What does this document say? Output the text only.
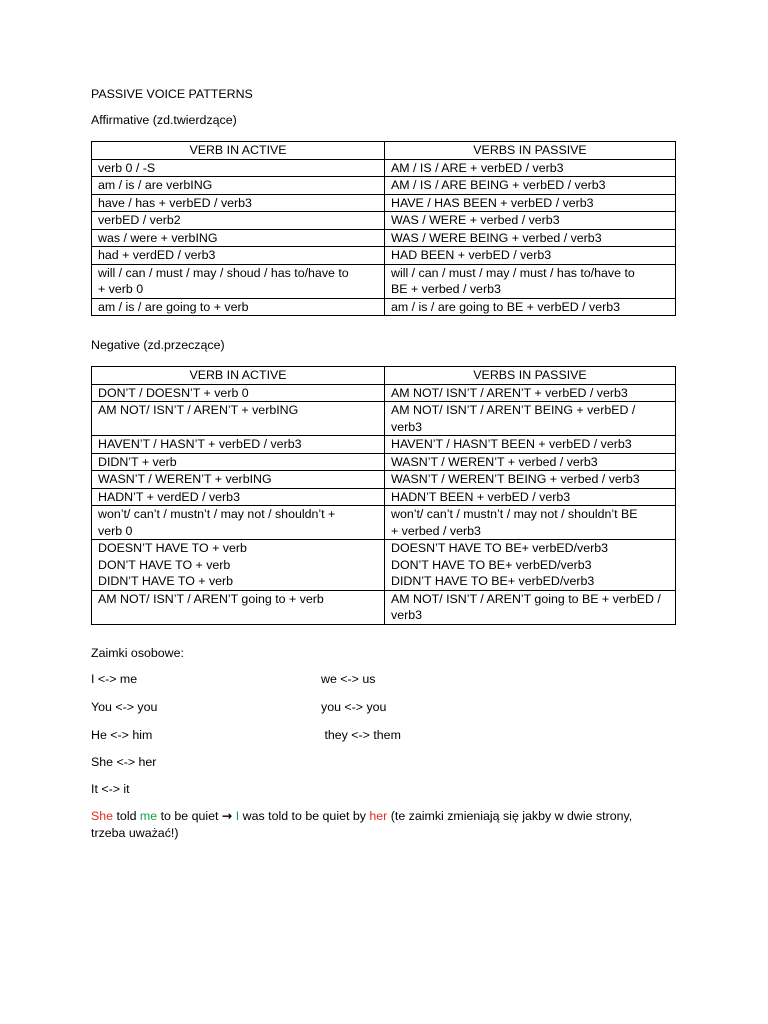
PASSIVE VOICE PATTERNS
Affirmative (zd.twierdzące)
VERB IN ACTIVE	VERBS IN PASSIVE

verb 0 / -S	AM / IS / ARE + verbED / verb3

am / is / are verbING	AM / IS / ARE BEING + verbED / verb3

have / has + verbED / verb3	HAVE / HAS BEEN + verbED / verb3

verbED / verb2	WAS / WERE + verbed / verb3

was / were + verbING	WAS / WERE BEING + verbed / verb3

had + verdED / verb3	HAD BEEN + verbED / verb3

will / can / must / may / shoud / has to/have to
+ verb 0	will / can / must / may / must / has to/have to
BE + verbed / verb3

am / is / are going to + verb	am / is / are going to BE + verbED / verb3
Negative (zd.przeczące)
VERB IN ACTIVE	VERBS IN PASSIVE

DON’T / DOESN’T + verb 0	AM NOT/ ISN’T / AREN’T + verbED / verb3

AM NOT/ ISN’T / AREN’T + verbING	AM NOT/ ISN’T / AREN’T BEING + verbED /
verb3

HAVEN’T / HASN’T + verbED / verb3	HAVEN’T / HASN’T BEEN + verbED / verb3

DIDN’T + verb	WASN’T / WEREN’T + verbed / verb3

WASN’T / WEREN’T + verbING	WASN’T / WEREN’T BEING + verbed / verb3

HADN’T + verdED / verb3	HADN’T BEEN + verbED / verb3

won’t/ can’t / mustn’t / may not / shouldn’t +
verb 0	won’t/ can’t / mustn’t / may not / shouldn’t BE
+ verbed / verb3

DOESN’T HAVE TO + verb
DON’T HAVE TO + verb
DIDN’T HAVE TO + verb	DOESN’T HAVE TO BE+ verbED/verb3
DON’T HAVE TO BE+ verbED/verb3
DIDN’T HAVE TO BE+ verbED/verb3

AM NOT/ ISN’T / AREN’T going to + verb	AM NOT/ ISN’T / AREN’T going to BE + verbED /
verb3
Zaimki osobowe:
I <-> me	we <-> us
You <-> you	you <-> you
He <-> him	they <-> them
She <-> her
It <-> it
She told me to be quiet → I was told to be quiet by her (te zaimki zmieniają się jakby w dwie strony,
trzeba uważać!)
